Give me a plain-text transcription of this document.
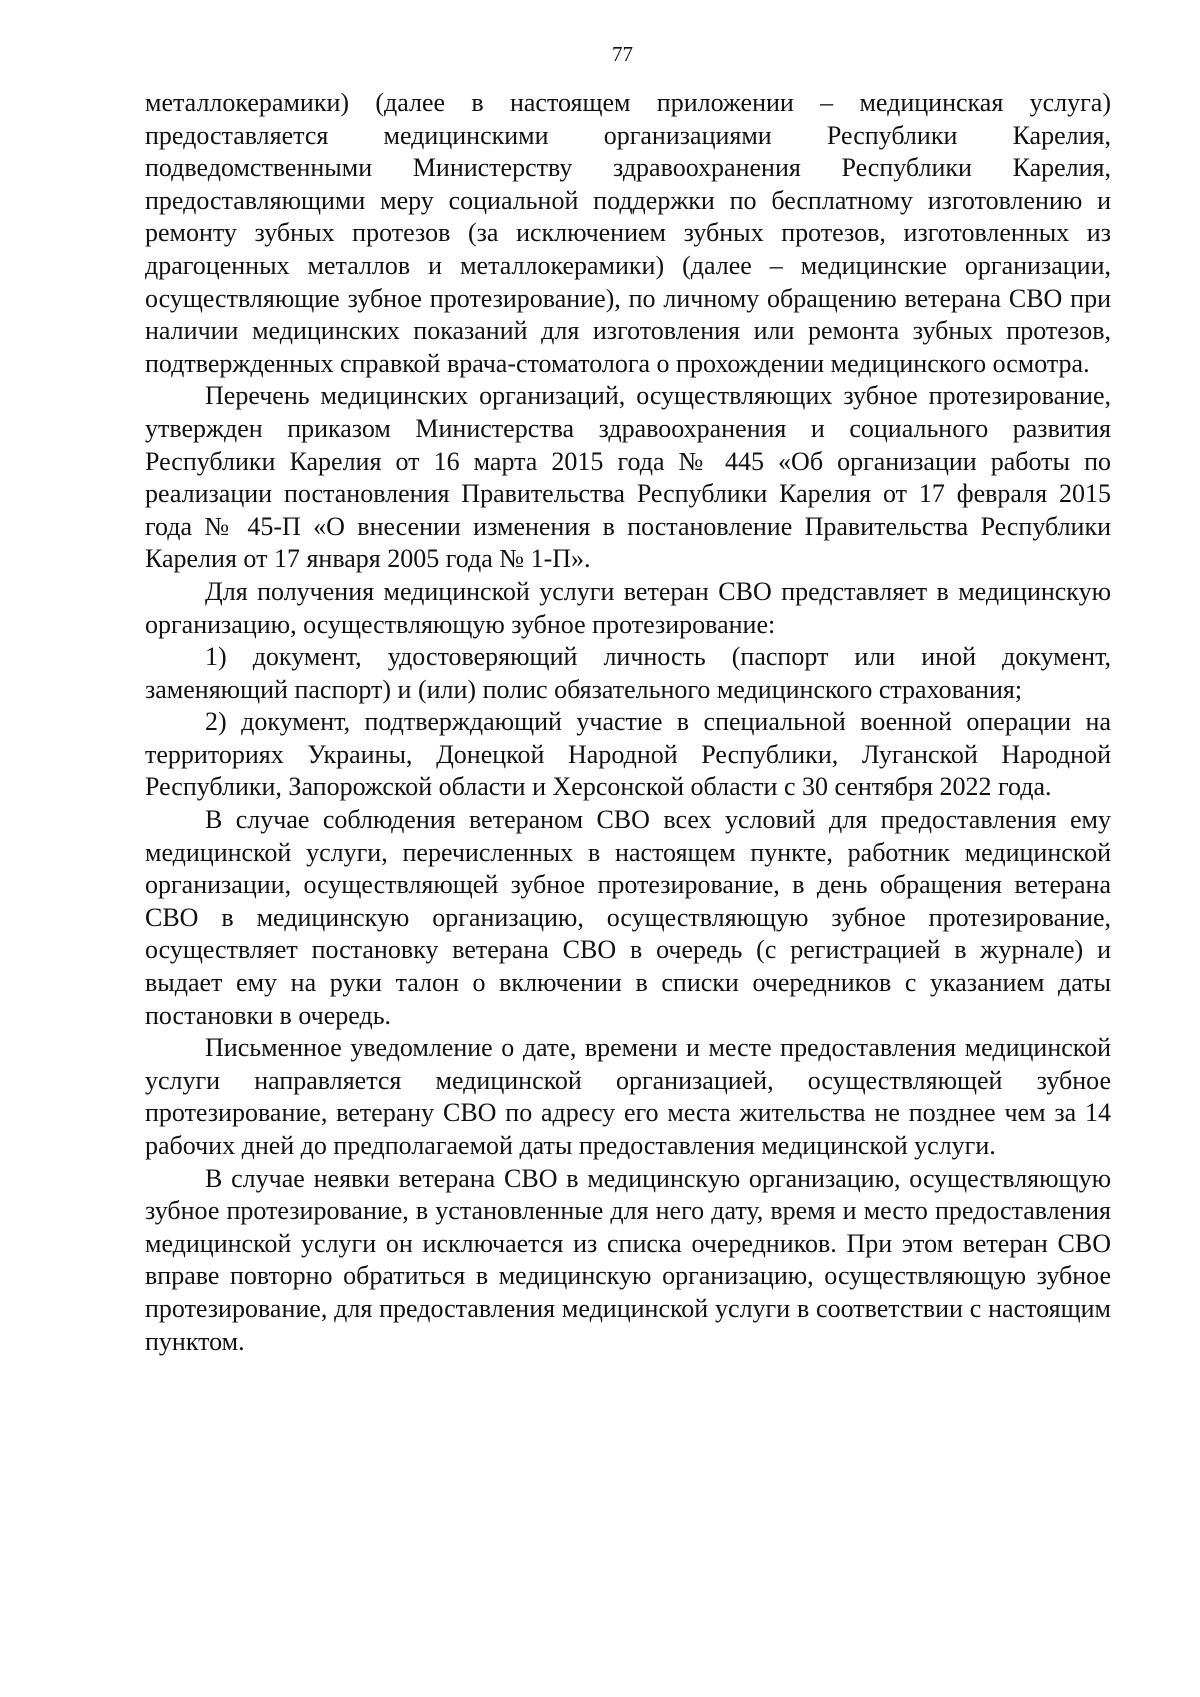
77

металлокерамики) (далее в настоящем приложении – медицинская услуга) предоставляется медицинскими организациями Республики Карелия, подведомственными Министерству здравоохранения Республики Карелия, предоставляющими меру социальной поддержки по бесплатному изготовлению и ремонту зубных протезов (за исключением зубных протезов, изготовленных из драгоценных металлов и металлокерамики) (далее – медицинские организации, осуществляющие зубное протезирование), по личному обращению ветерана СВО при наличии медицинских показаний для изготовления или ремонта зубных протезов, подтвержденных справкой врача-стоматолога о прохождении медицинского осмотра.

Перечень медицинских организаций, осуществляющих зубное протезирование, утвержден приказом Министерства здравоохранения и социального развития Республики Карелия от 16 марта 2015 года № 445 «Об организации работы по реализации постановления Правительства Республики Карелия от 17 февраля 2015 года № 45-П «О внесении изменения в постановление Правительства Республики Карелия от 17 января 2005 года № 1-П».

Для получения медицинской услуги ветеран СВО представляет в медицинскую организацию, осуществляющую зубное протезирование:

1) документ, удостоверяющий личность (паспорт или иной документ, заменяющий паспорт) и (или) полис обязательного медицинского страхования;

2) документ, подтверждающий участие в специальной военной операции на территориях Украины, Донецкой Народной Республики, Луганской Народной Республики, Запорожской области и Херсонской области с 30 сентября 2022 года.

В случае соблюдения ветераном СВО всех условий для предоставления ему медицинской услуги, перечисленных в настоящем пункте, работник медицинской организации, осуществляющей зубное протезирование, в день обращения ветерана СВО в медицинскую организацию, осуществляющую зубное протезирование, осуществляет постановку ветерана СВО в очередь (с регистрацией в журнале) и выдает ему на руки талон о включении в списки очередников с указанием даты постановки в очередь.

Письменное уведомление о дате, времени и месте предоставления медицинской услуги направляется медицинской организацией, осуществляющей зубное протезирование, ветерану СВО по адресу его места жительства не позднее чем за 14 рабочих дней до предполагаемой даты предоставления медицинской услуги.

В случае неявки ветерана СВО в медицинскую организацию, осуществляющую зубное протезирование, в установленные для него дату, время и место предоставления медицинской услуги он исключается из списка очередников. При этом ветеран СВО вправе повторно обратиться в медицинскую организацию, осуществляющую зубное протезирование, для предоставления медицинской услуги в соответствии с настоящим пунктом.
